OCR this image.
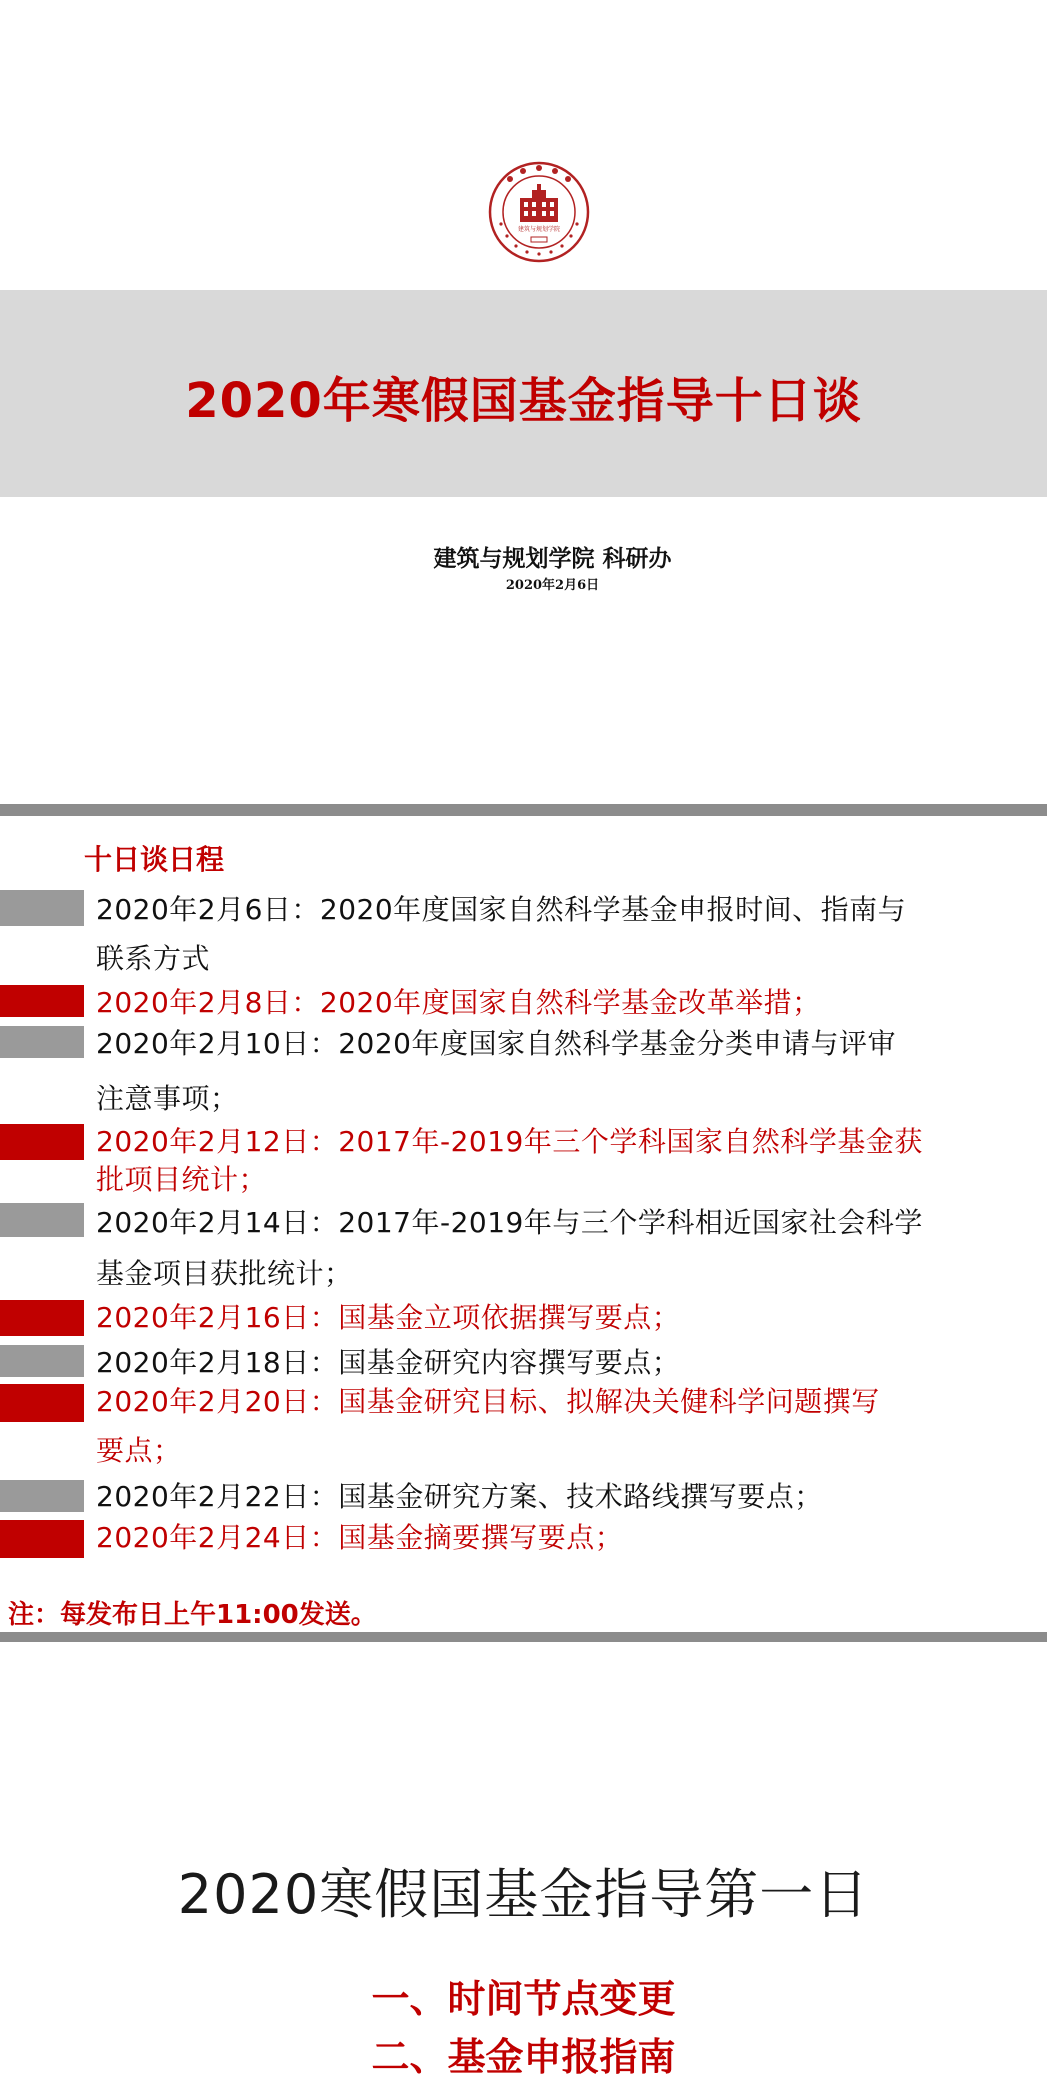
建筑与规划学院
2020年寒假国基金指导十日谈
建筑与规划学院 科研办
2020年2月6日
十日谈日程
2020年2月6日：2020年度国家自然科学基金申报时间、指南与
联系方式
2020年2月8日：2020年度国家自然科学基金改革举措；
2020年2月10日：2020年度国家自然科学基金分类申请与评审
注意事项；
2020年2月12日：2017年-2019年三个学科国家自然科学基金获
批项目统计；
2020年2月14日：2017年-2019年与三个学科相近国家社会科学
基金项目获批统计；
2020年2月16日：国基金立项依据撰写要点；
2020年2月18日：国基金研究内容撰写要点；
2020年2月20日：国基金研究目标、拟解决关健科学问题撰写
要点；
2020年2月22日：国基金研究方案、技术路线撰写要点；
2020年2月24日：国基金摘要撰写要点；
注：每发布日上午11:00发送。
2020寒假国基金指导第一日
一、时间节点变更
二、基金申报指南
